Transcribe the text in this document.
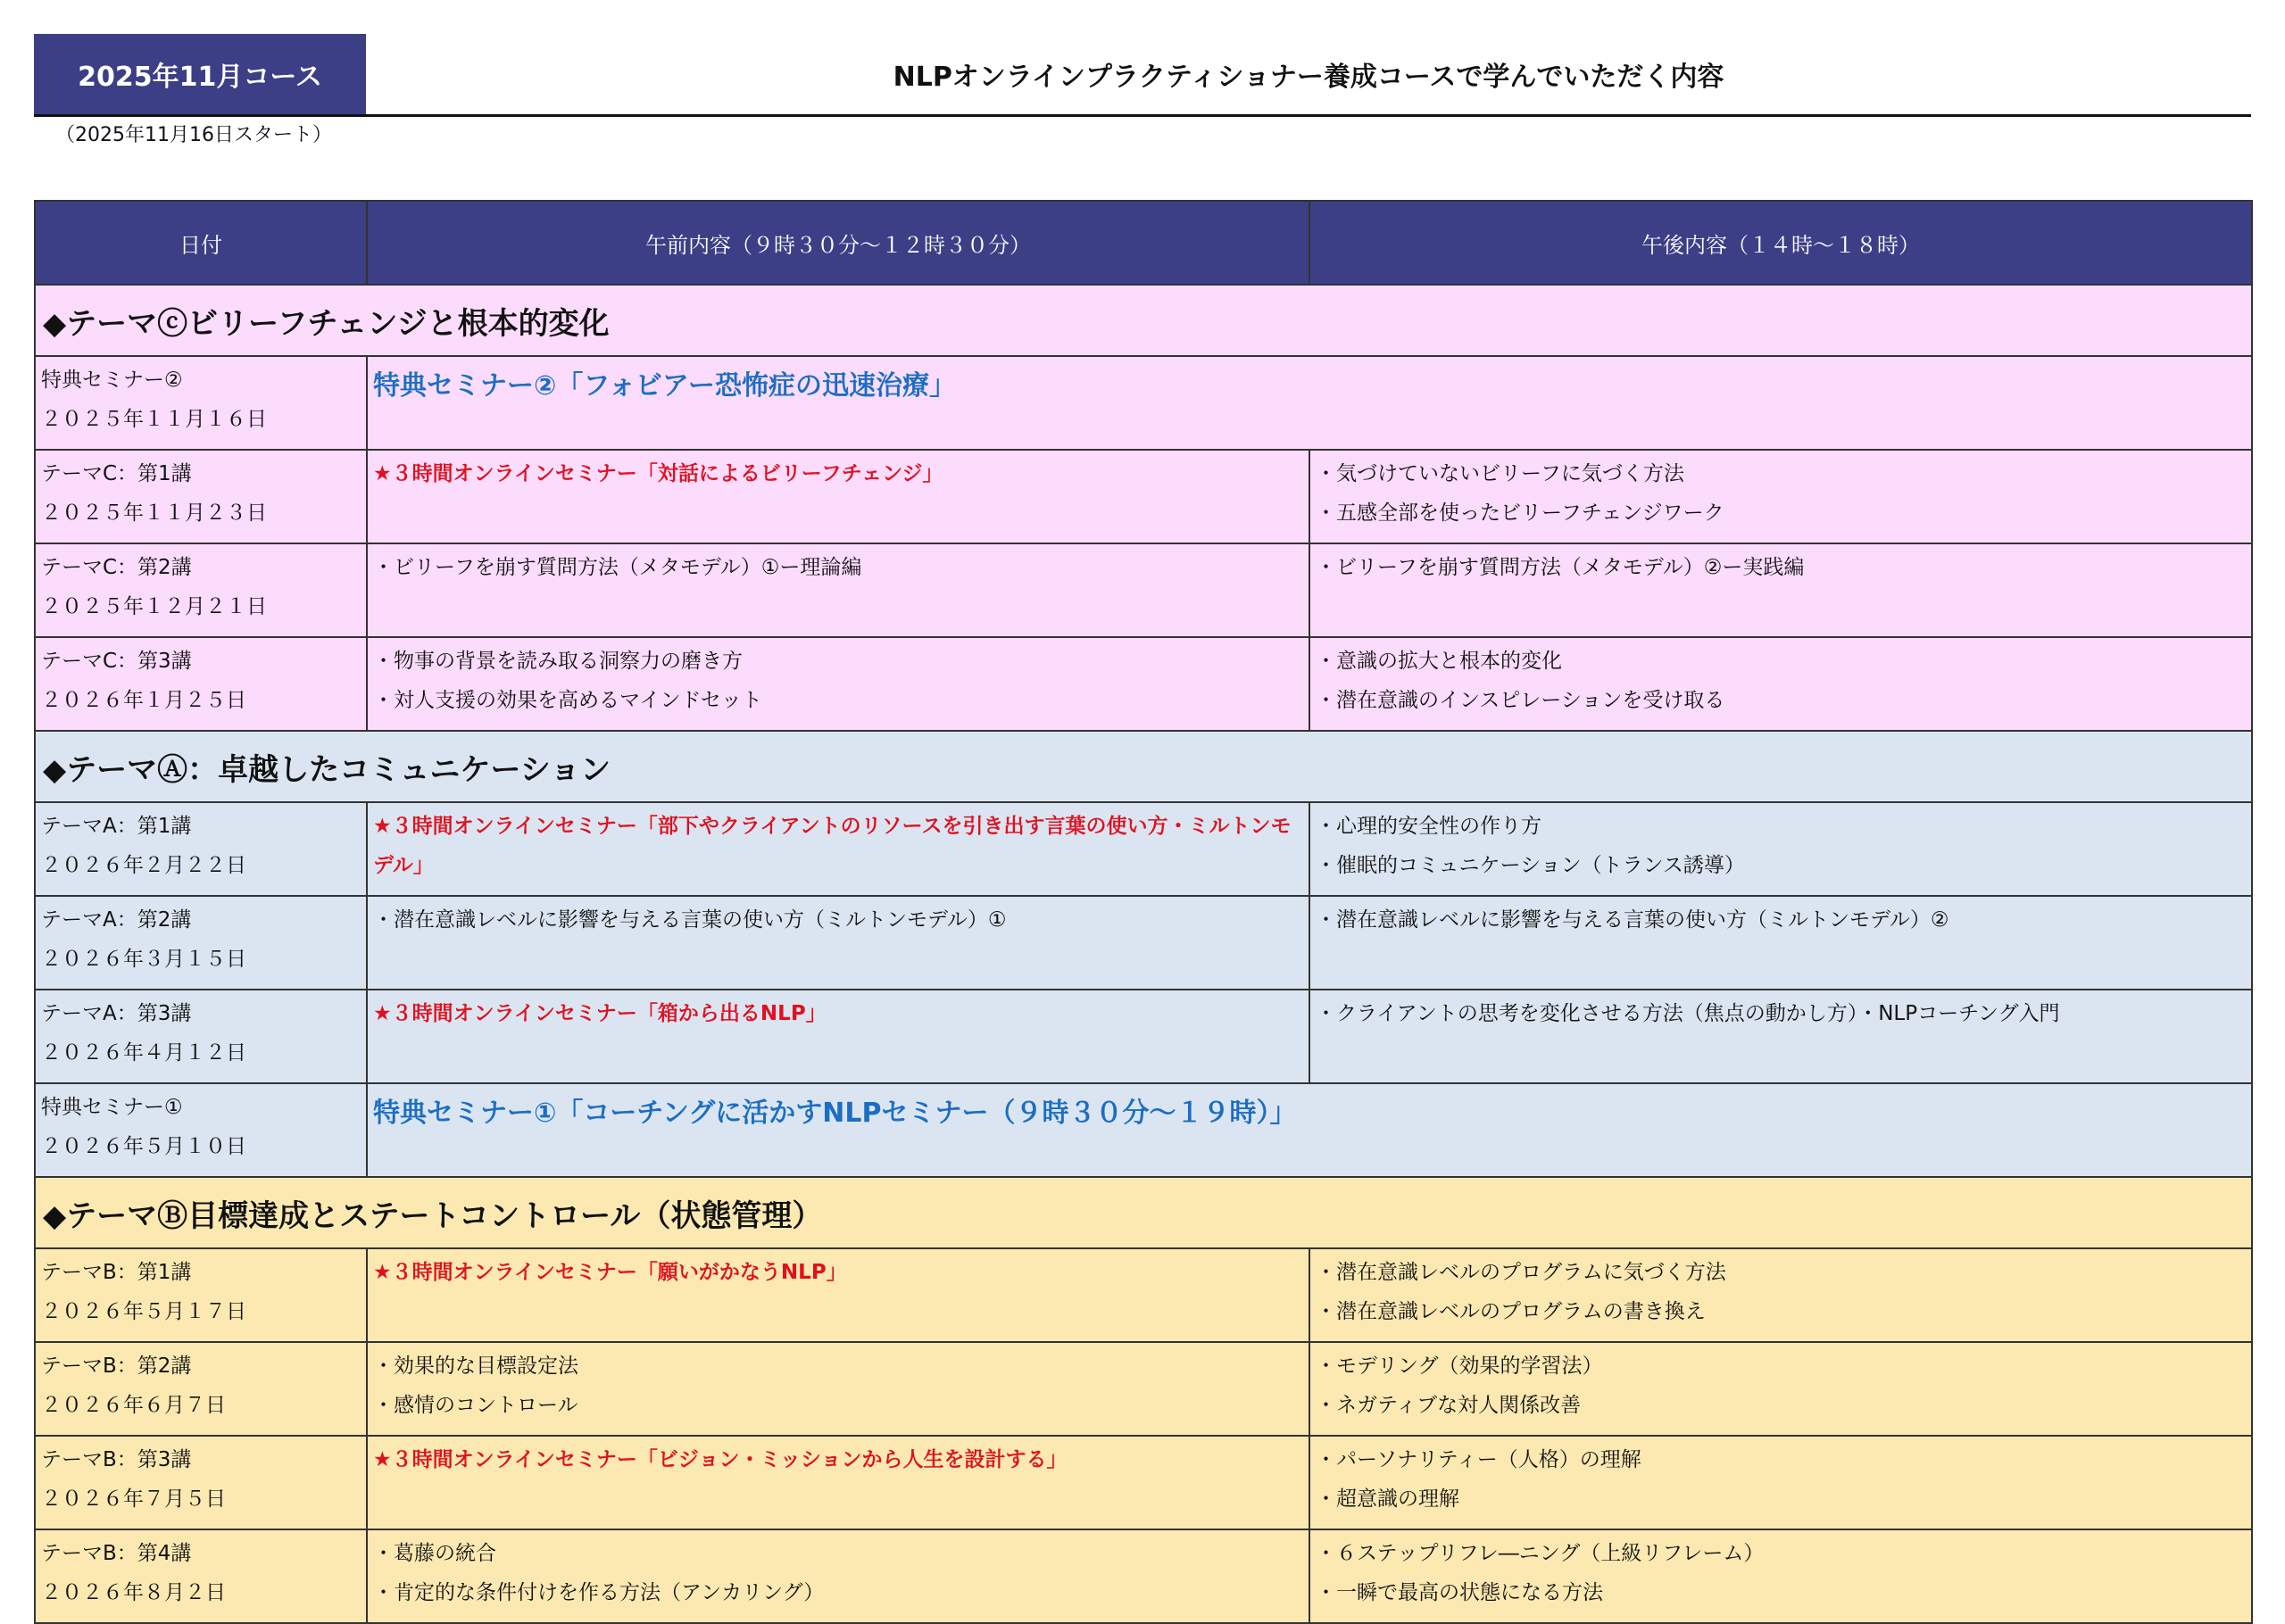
2025年11月コース	NLPオンラインプラクティショナー養成コースで学んでいただく内容
（2025年11月16日スタート）
日付	午前内容（９時３０分～１２時３０分）	午後内容（１４時～１８時）
◆テーマⓒビリーフチェンジと根本的変化		

特典セミナー②
２０２５年１１月１６日	特典セミナー②「フォビアー恐怖症の迅速治療」	

テーマC：第1講
２０２５年１１月２３日	★３時間オンラインセミナー「対話によるビリーフチェンジ」	・気づけていないビリーフに気づく方法
・五感全部を使ったビリーフチェンジワーク

テーマC：第2講
２０２５年１２月２１日	・ビリーフを崩す質問方法（メタモデル）①ー理論編	・ビリーフを崩す質問方法（メタモデル）②ー実践編

テーマC：第3講
２０２６年１月２５日	・物事の背景を読み取る洞察力の磨き方
・対人支援の効果を高めるマインドセット	・意識の拡大と根本的変化
・潜在意識のインスピレーションを受け取る

◆テーマⒶ：卓越したコミュニケーション		

テーマA：第1講
２０２６年２月２２日	★３時間オンラインセミナー「部下やクライアントのリソースを引き出す言葉の使い方・ミルトンモデル」	・心理的安全性の作り方
・催眠的コミュニケーション（トランス誘導）

テーマA：第2講
２０２６年３月１５日	・潜在意識レベルに影響を与える言葉の使い方（ミルトンモデル）①	・潜在意識レベルに影響を与える言葉の使い方（ミルトンモデル）②

テーマA：第3講
２０２６年４月１２日	★３時間オンラインセミナー「箱から出るNLP」	・クライアントの思考を変化させる方法（焦点の動かし方）・NLPコーチング入門

特典セミナー①
２０２６年５月１０日	特典セミナー①「コーチングに活かすNLPセミナー（９時３０分～１９時）」	

◆テーマⒷ目標達成とステートコントロール（状態管理）		

テーマB：第1講
２０２６年５月１７日	★３時間オンラインセミナー「願いがかなうNLP」	・潜在意識レベルのプログラムに気づく方法
・潜在意識レベルのプログラムの書き換え

テーマB：第2講
２０２６年６月７日	・効果的な目標設定法
・感情のコントロール	・モデリング（効果的学習法）
・ネガティブな対人関係改善

テーマB：第3講
２０２６年７月５日	★３時間オンラインセミナー「ビジョン・ミッションから人生を設計する」	・パーソナリティー（人格）の理解
・超意識の理解

テーマB：第4講
２０２６年８月２日	・葛藤の統合
・肯定的な条件付けを作る方法（アンカリング）	・６ステップリフレ―ニング（上級リフレーム）
・一瞬で最高の状態になる方法
